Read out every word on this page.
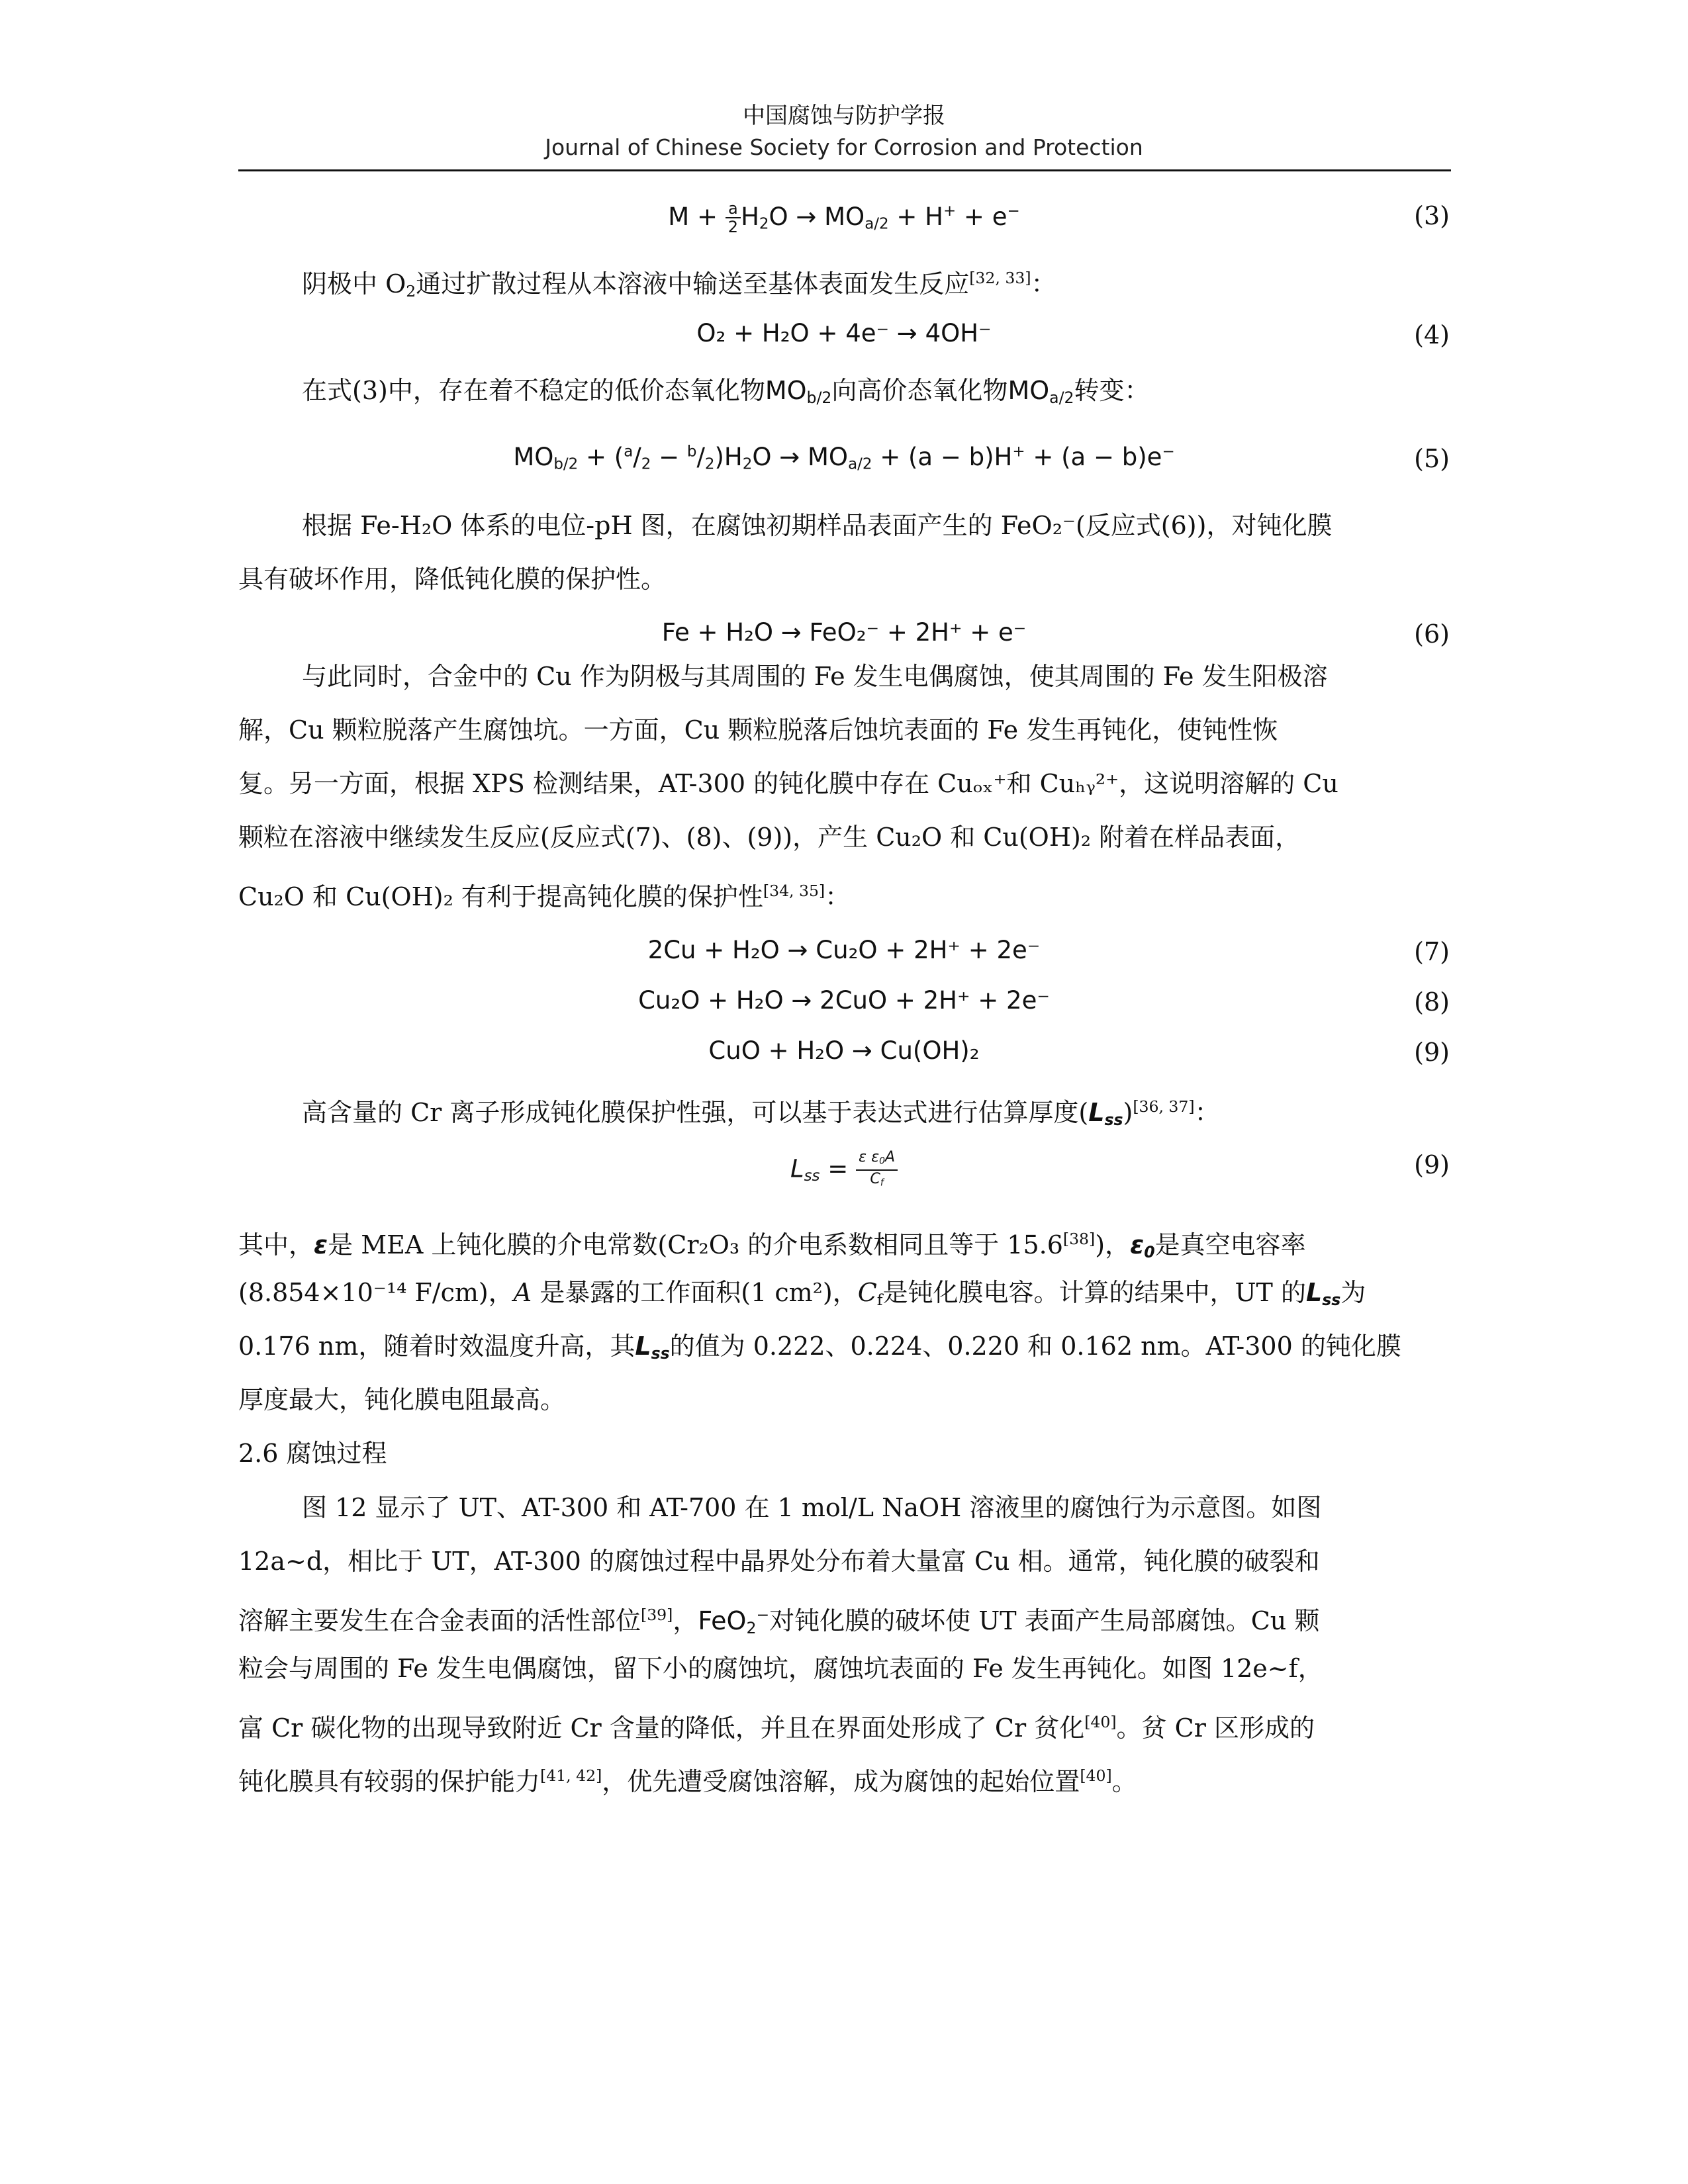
中国腐蚀与防护学报
Journal of Chinese Society for Corrosion and Protection
$M + \frac{a}{2} H_2O \to MO_{a/2} + H^+ + e^-$	(3)
阴极中 $O_2$通过扩散过程从本溶液中输送至基体表面发生反应[32, 33]：
O₂ + H₂O + 4e⁻ → 4OH⁻	(4)
在式(3)中，存在着不稳定的低价态氧化物$MO_{b/2}$向高价态氧化物$MO_{a/2}$转变：
$MO_{b/2} + (^a/_2 - ^b/_2)H_2O \to MO_{a/2} + (a - b)H^+ + (a - b)e^-$	(5)
根据 Fe-H₂O 体系的电位-pH 图，在腐蚀初期样品表面产生的 FeO₂⁻(反应式(6))，对钝化膜
具有破坏作用，降低钝化膜的保护性。
Fe + H₂O → FeO₂⁻ + 2H⁺ + e⁻	(6)
与此同时，合金中的 Cu 作为阴极与其周围的 Fe 发生电偶腐蚀，使其周围的 Fe 发生阳极溶
解，Cu 颗粒脱落产生腐蚀坑。一方面，Cu 颗粒脱落后蚀坑表面的 Fe 发生再钝化，使钝性恢
复。另一方面，根据 XPS 检测结果，AT-300 的钝化膜中存在 Cuₒₓ⁺和 Cuₕᵧ²⁺，这说明溶解的 Cu
颗粒在溶液中继续发生反应(反应式(7)、(8)、(9))，产生 Cu₂O 和 Cu(OH)₂ 附着在样品表面，
Cu₂O 和 Cu(OH)₂ 有利于提高钝化膜的保护性[34, 35]：
2Cu + H₂O → Cu₂O + 2H⁺ + 2e⁻	(7)
Cu₂O + H₂O → 2CuO + 2H⁺ + 2e⁻	(8)
CuO + H₂O → Cu(OH)₂	(9)
高含量的 Cr 离子形成钝化膜保护性强，可以基于表达式进行估算厚度$(L_{ss})[36, 37]$：
$L_{ss} = \frac{\varepsilon \varepsilon_0A}{C_f}$	(9)
其中，ε是 MEA 上钝化膜的介电常数(Cr₂O₃ 的介电系数相同且等于 15.6[38])，$\varepsilon_0$是真空电容率
(8.854×10⁻¹⁴ F/cm)，A 是暴露的工作面积(1 cm²)，$C_f$是钝化膜电容。计算的结果中，UT 的$L_{ss}$为
0.176 nm，随着时效温度升高，其$L_{ss}$的值为 0.222、0.224、0.220 和 0.162 nm。AT-300 的钝化膜
厚度最大，钝化膜电阻最高。
2.6 腐蚀过程
图 12 显示了 UT、AT-300 和 AT-700 在 1 mol/L NaOH 溶液里的腐蚀行为示意图。如图
12a~d，相比于 UT，AT-300 的腐蚀过程中晶界处分布着大量富 Cu 相。通常，钝化膜的破裂和
溶解主要发生在合金表面的活性部位[39]，FeO$_2$−对钝化膜的破坏使 UT 表面产生局部腐蚀。Cu 颗
粒会与周围的 Fe 发生电偶腐蚀，留下小的腐蚀坑，腐蚀坑表面的 Fe 发生再钝化。如图 12e~f，
富 Cr 碳化物的出现导致附近 Cr 含量的降低，并且在界面处形成了 Cr 贫化[40]。贫 Cr 区形成的
钝化膜具有较弱的保护能力[41, 42]，优先遭受腐蚀溶解，成为腐蚀的起始位置[40]。
